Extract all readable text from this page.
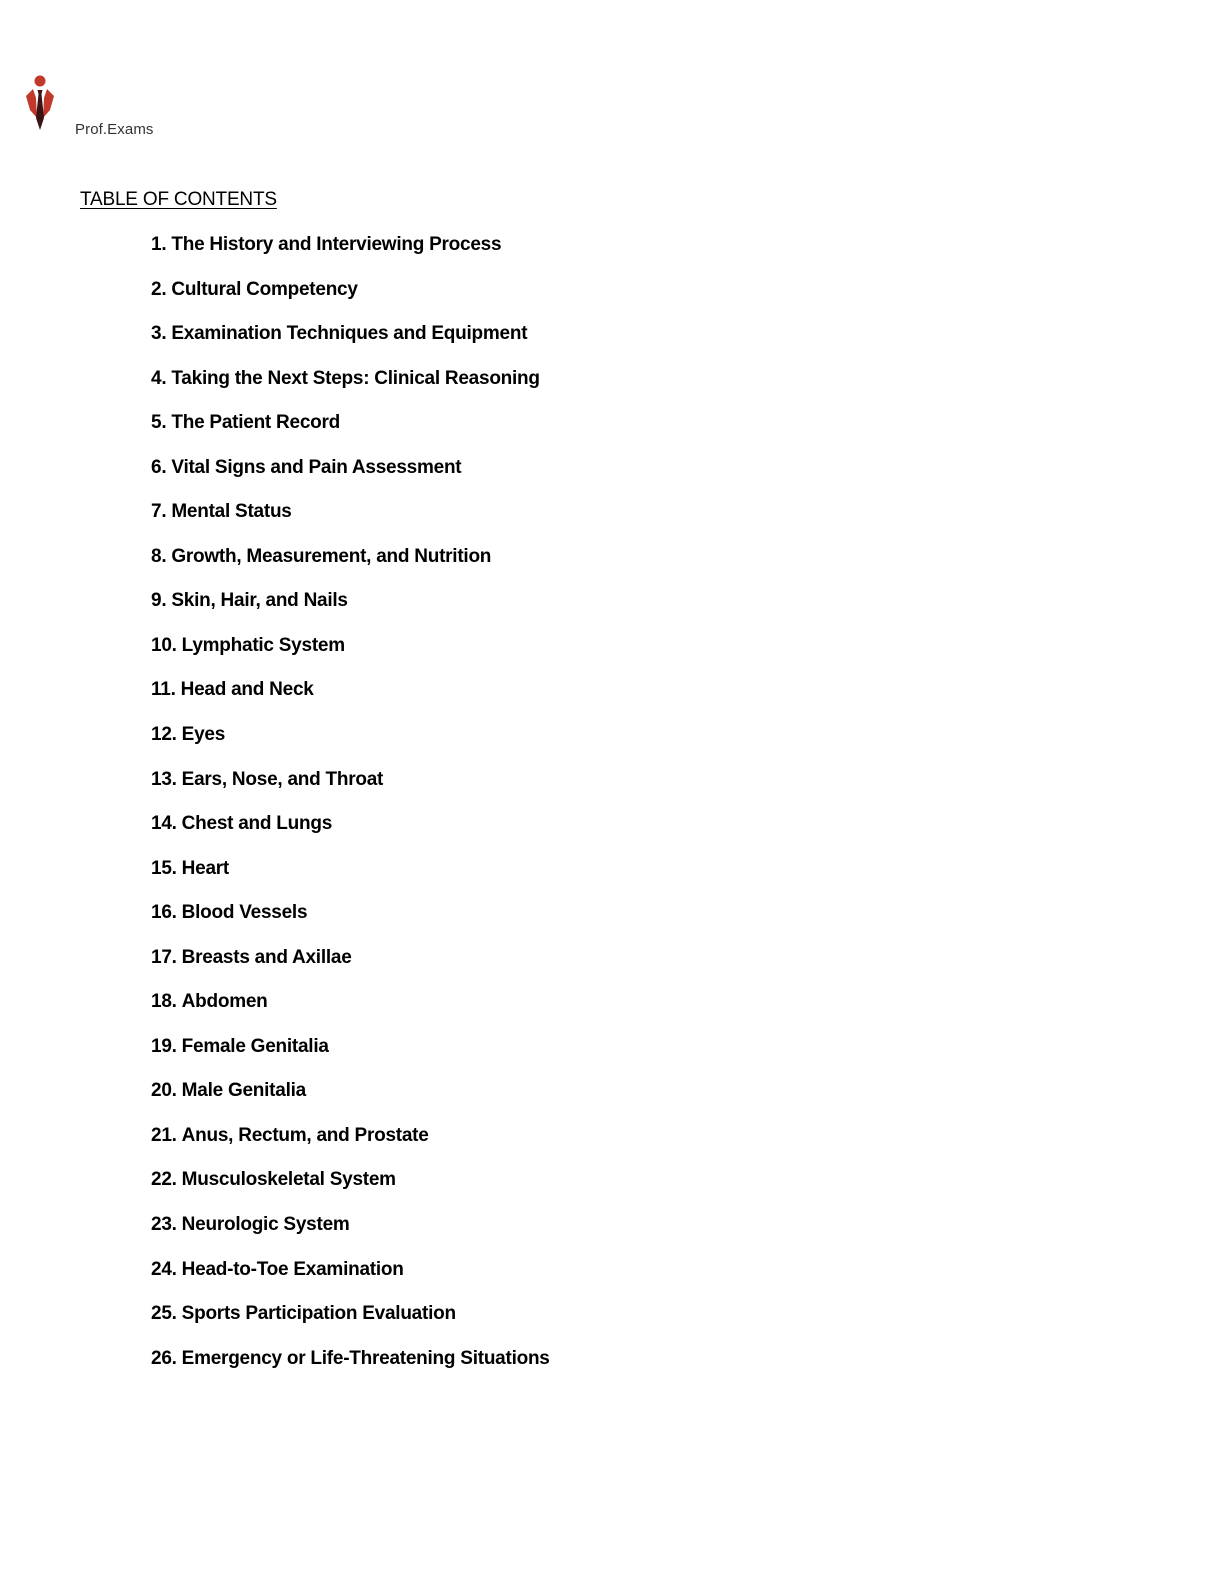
Prof.Exams
TABLE OF CONTENTS
1. The History and Interviewing Process
2. Cultural Competency
3. Examination Techniques and Equipment
4. Taking the Next Steps: Clinical Reasoning
5. The Patient Record
6. Vital Signs and Pain Assessment
7. Mental Status
8. Growth, Measurement, and Nutrition
9. Skin, Hair, and Nails
10. Lymphatic System
11. Head and Neck
12. Eyes
13. Ears, Nose, and Throat
14. Chest and Lungs
15. Heart
16. Blood Vessels
17. Breasts and Axillae
18. Abdomen
19. Female Genitalia
20. Male Genitalia
21. Anus, Rectum, and Prostate
22. Musculoskeletal System
23. Neurologic System
24. Head-to-Toe Examination
25. Sports Participation Evaluation
26. Emergency or Life-Threatening Situations
